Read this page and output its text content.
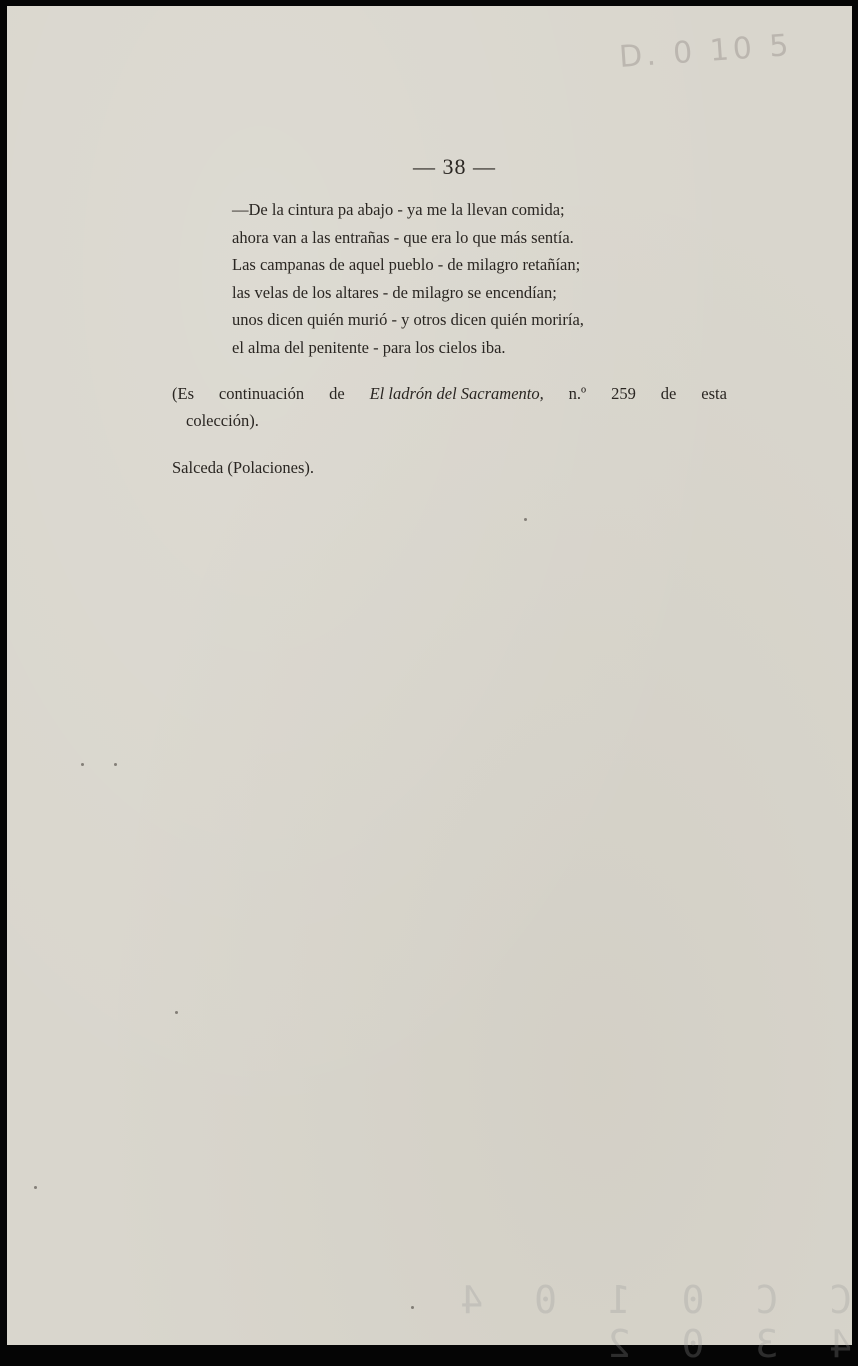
D. 0 10 5
— 38 —
—De la cintura pa abajo - ya me la llevan comida;
ahora van a las entrañas - que era lo que más sentía.
Las campanas de aquel pueblo - de milagro retañían;
las velas de los altares - de milagro se encendían;
unos dicen quién murió - y otros dicen quién moriría,
el alma del penitente - para los cielos iba.
(Es continuación de El ladrón del Sacramento, n.º 259 de esta
colección).
Salceda (Polaciones).
C C 0 1 0 4 4 3 0 2
